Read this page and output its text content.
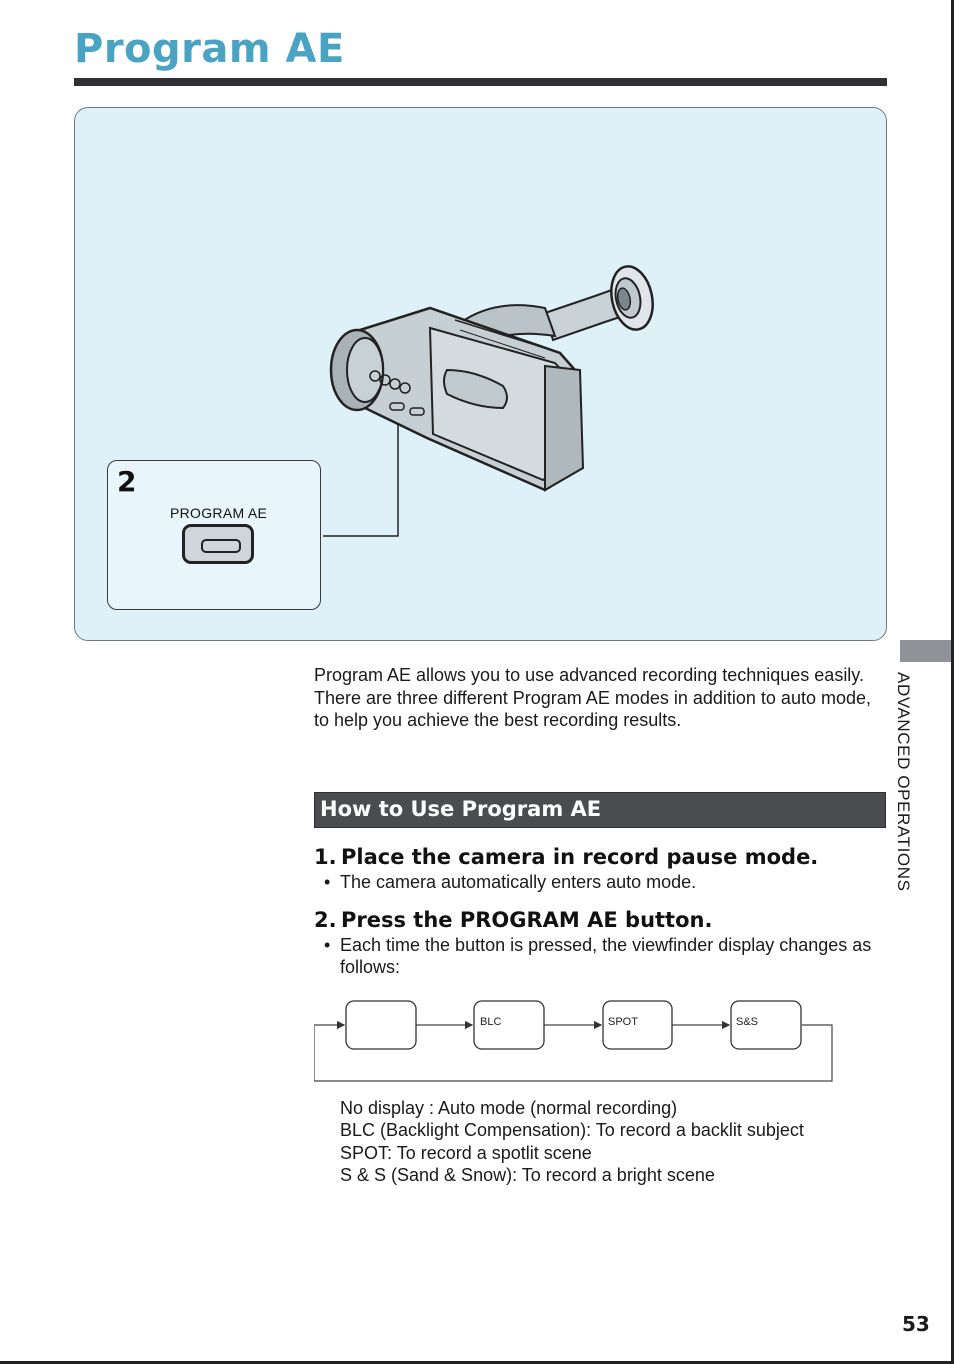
Program AE
2
PROGRAM AE

Program AE allows you to use advanced recording techniques easily.

There are three different Program AE modes in addition to auto mode, to help you achieve the best recording results.

How to Use Program AE
1. Place the camera in record pause mode.

• The camera automatically enters auto mode.

2. Press the PROGRAM AE button.

• Each time the button is pressed, the viewfinder display changes as follows:

BLC	SPOT	S&S

No display : Auto mode (normal recording)

BLC (Backlight Compensation): To record a backlit subject

SPOT: To record a spotlit scene

S & S (Sand & Snow): To record a bright scene

ADVANCED OPERATIONS
53
